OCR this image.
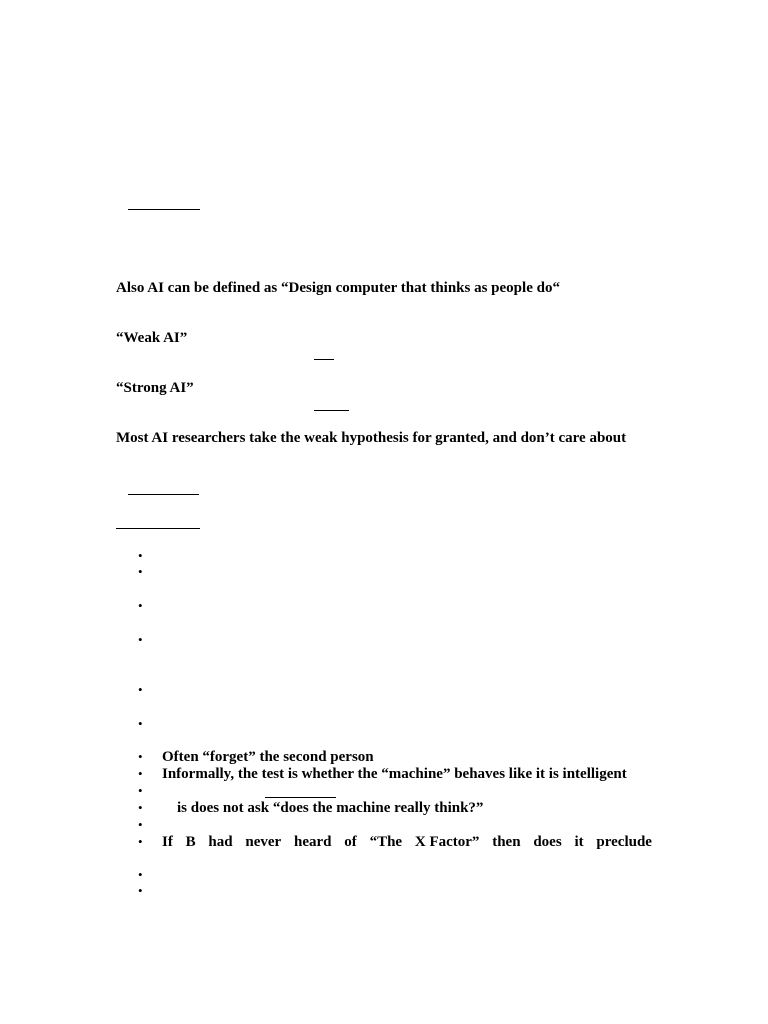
Also AI can be defined as “Design computer that thinks as people do“
“Weak AI”
“Strong AI”
Most AI researchers take the weak hypothesis for granted, and don’t care about
•
•
•
•
•
•
• Often “forget” the second person
• Informally, the test is whether the “machine” behaves like it is intelligent
•
• is does not ask “does the machine really think?”
•
• If B had never heard of “The X Factor” then does it preclude
•
•
